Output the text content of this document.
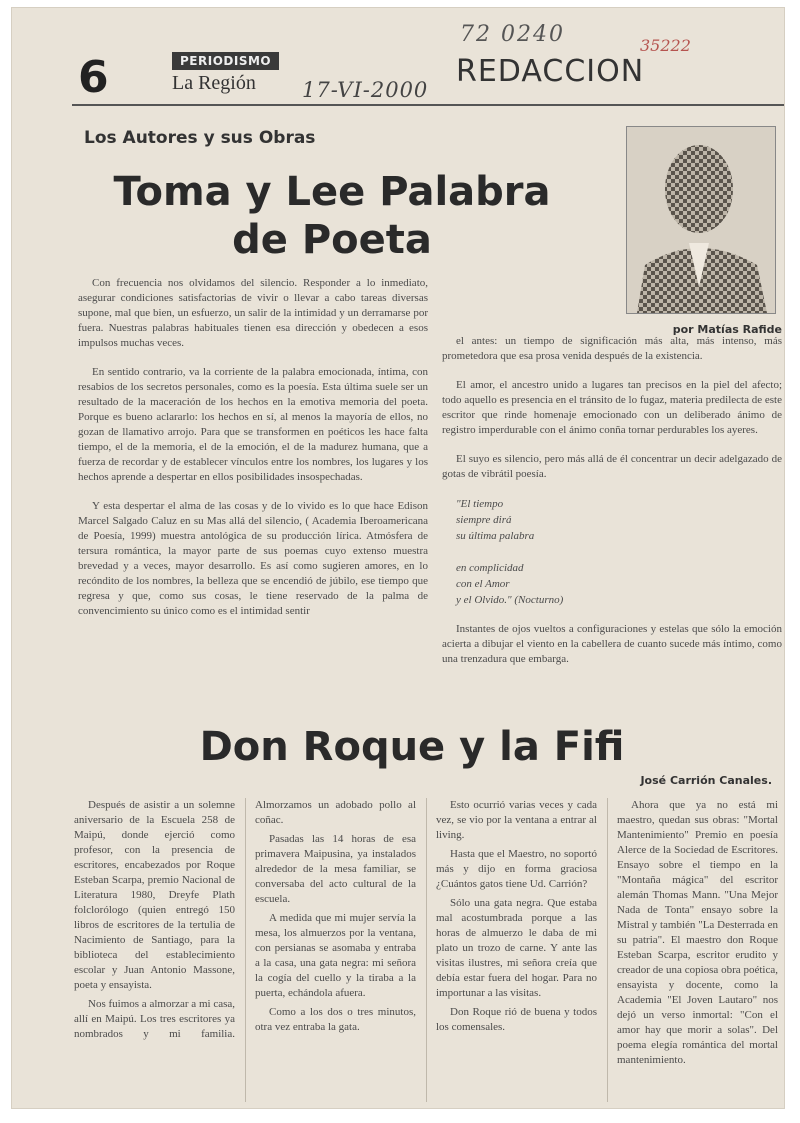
6	PERIODISMO
La Región 17-VI-2000
72 0240	35222
REDACCION
Los Autores y sus Obras
Toma y Lee Palabra de Poeta
por Matías Rafide

Con frecuencia nos olvidamos del silencio. Responder a lo inmediato, asegurar condiciones satisfactorias de vivir o llevar a cabo tareas diversas supone, mal que bien, un esfuerzo, un salir de la intimidad y un derramarse por fuera. Nuestras palabras habituales tienen esa dirección y obedecen a esos impulsos muchas veces.

En sentido contrario, va la corriente de la palabra emocionada, íntima, con resabios de los secretos personales, como es la poesía. Esta última suele ser un resultado de la maceración de los hechos en la emotiva memoria del poeta. Porque es bueno aclararlo: los hechos en sí, al menos la mayoría de ellos, no gozan de llamativo arrojo. Para que se transformen en poéticos les hace falta tiempo, el de la memoria, el de la emoción, el de la madurez humana, que a fuerza de recordar y de establecer vínculos entre los nombres, los lugares y los hechos aprende a despertar en ellos posibilidades insospechadas.

Y esta despertar el alma de las cosas y de lo vivido es lo que hace Edison Marcel Salgado Caluz en su Mas allá del silencio, ( Academia Iberoamericana de Poesía, 1999) muestra antológica de su producción lírica. Atmósfera de tersura romántica, la mayor parte de sus poemas cuyo extenso muestra brevedad y a veces, mayor desarrollo. Es así como sugieren amores, en lo recóndito de los nombres, la belleza que se encendió de júbilo, ese tiempo que regresa y que, como sus cosas, le tiene reservado de la palma de convencimiento su único como es el intimidad sentir

el antes: un tiempo de significación más alta, más intenso, más prometedora que esa prosa venida después de la existencia.

El amor, el ancestro unido a lugares tan precisos en la piel del afecto; todo aquello es presencia en el tránsito de lo fugaz, materia predilecta de este escritor que rinde homenaje emocionado con un deliberado ánimo de registro imperdurable con el ánimo conña tornar perdurables los ayeres.

El suyo es silencio, pero más allá de él concentrar un decir adelgazado de gotas de vibrátil poesía.

"El tiempo
siempre dirá
su última palabra
en complicidad
con el Amor
y el Olvido." (Nocturno)

Instantes de ojos vueltos a configuraciones y estelas que sólo la emoción acierta a dibujar el viento en la cabellera de cuanto sucede más íntimo, como una trenzadura que embarga.

Don Roque y la Fifi
José Carrión Canales.

Después de asistir a un solemne aniversario de la Escuela 258 de Maipú, donde ejerció como profesor, con la presencia de escritores, encabezados por Roque Esteban Scarpa, premio Nacional de Literatura 1980, Dreyfe Plath folclorólogo (quien entregó 150 libros de escritores de la tertulia de Nacimiento de Santiago, para la biblioteca del establecimiento escolar y Juan Antonio Massone, poeta y ensayista.

Nos fuimos a almorzar a mi casa, allí en Maipú. Los tres escritores ya nombrados y mi familia. Almorzamos un adobado pollo al coñac.

Pasadas las 14 horas de esa primavera Maipusina, ya instalados alrededor de la mesa familiar, se conversaba del acto cultural de la escuela.

A medida que mi mujer servía la mesa, los almuerzos por la ventana, con persianas se asomaba y entraba a la casa, una gata negra: mi señora la cogía del cuello y la tiraba a la puerta, echándola afuera.

Como a los dos o tres minutos, otra vez entraba la gata.

Esto ocurrió varias veces y cada vez, se vio por la ventana a entrar al living.

Hasta que el Maestro, no soportó más y dijo en forma graciosa ¿Cuántos gatos tiene Ud. Carrión?

Sólo una gata negra. Que estaba mal acostumbrada porque a las horas de almuerzo le daba de mi plato un trozo de carne. Y ante las visitas ilustres, mi señora creía que debía estar fuera del hogar. Para no importunar a las visitas.

Don Roque rió de buena y todos los comensales.

Ahora que ya no está mi maestro, quedan sus obras: "Mortal Mantenimiento" Premio en poesía Alerce de la Sociedad de Escritores. Ensayo sobre el tiempo en la "Montaña mágica" del escritor alemán Thomas Mann. "Una Mejor Nada de Tonta" ensayo sobre la Mistral y también "La Desterrada en su patria". El maestro don Roque Esteban Scarpa, escritor erudito y creador de una copiosa obra poética, ensayista y docente, como la Academia "El Joven Lautaro" nos dejó un verso inmortal: "Con el amor hay que morir a solas". Del poema elegía romántica del mortal mantenimiento.
